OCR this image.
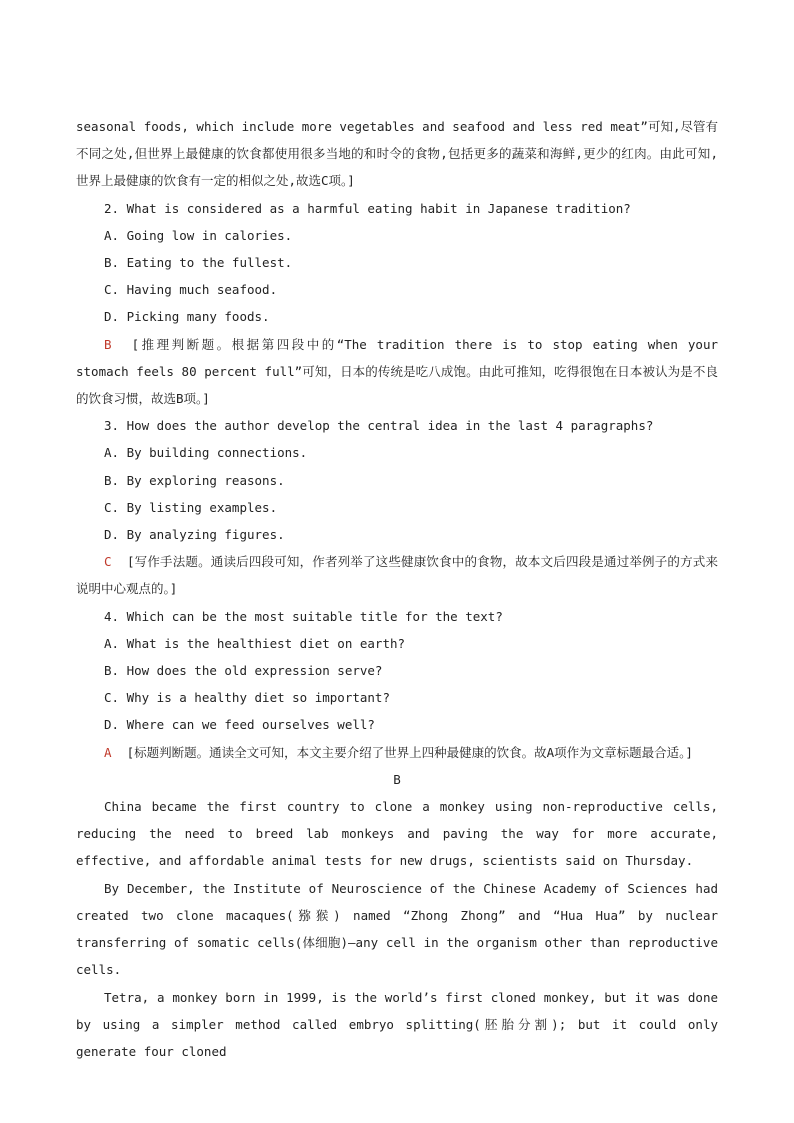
seasonal foods, which include more vegetables and seafood and less red meat”可知,尽管有不同之处,但世界上最健康的饮食都使用很多当地的和时令的食物,包括更多的蔬菜和海鲜,更少的红肉。由此可知,世界上最健康的饮食有一定的相似之处,故选C项。]

2. What is considered as a harmful eating habit in Japanese tradition?

A. Going low in calories.

B. Eating to the fullest.

C. Having much seafood.

D. Picking many foods.

B [推理判断题。根据第四段中的“The tradition there is to stop eating when your stomach feels 80 percent full”可知，日本的传统是吃八成饱。由此可推知，吃得很饱在日本被认为是不良的饮食习惯，故选B项。]

3. How does the author develop the central idea in the last 4 paragraphs?

A. By building connections.

B. By exploring reasons.

C. By listing examples.

D. By analyzing figures.

C [写作手法题。通读后四段可知，作者列举了这些健康饮食中的食物，故本文后四段是通过举例子的方式来说明中心观点的。]

4. Which can be the most suitable title for the text?

A. What is the healthiest diet on earth?

B. How does the old expression serve?

C. Why is a healthy diet so important?

D. Where can we feed ourselves well?

A [标题判断题。通读全文可知，本文主要介绍了世界上四种最健康的饮食。故A项作为文章标题最合适。]

B

China became the first country to clone a monkey using non-reproductive cells, reducing the need to breed lab monkeys and paving the way for more accurate, effective, and affordable animal tests for new drugs, scientists said on Thursday.

By December, the Institute of Neuroscience of the Chinese Academy of Sciences had created two clone macaques(猕猴) named “Zhong Zhong” and “Hua Hua” by nuclear transferring of somatic cells(体细胞)—any cell in the organism other than reproductive cells.

Tetra, a monkey born in 1999, is the world’s first cloned monkey, but it was done by using a simpler method called embryo splitting(胚胎分割); but it could only generate four cloned
